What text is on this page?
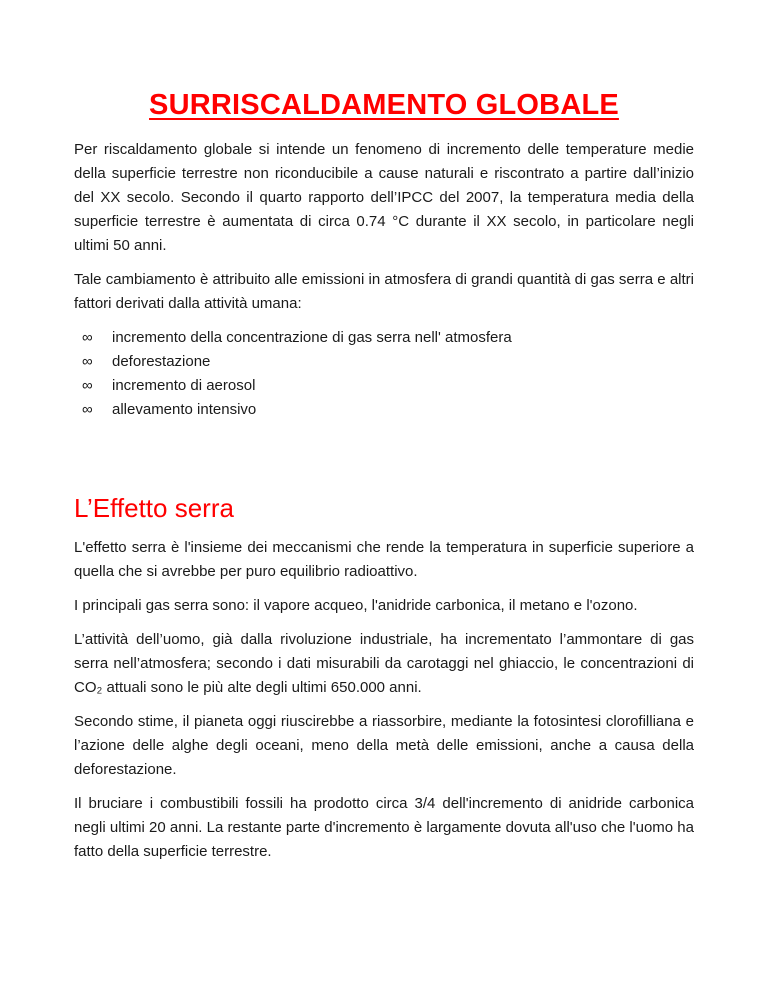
SURRISCALDAMENTO GLOBALE

Per riscaldamento globale si intende un fenomeno di incremento delle temperature medie della superficie terrestre non riconducibile a cause naturali e riscontrato a partire dall’inizio del XX secolo. Secondo il quarto rapporto dell’IPCC del 2007, la temperatura media della superficie terrestre è aumentata di circa 0.74 °C durante il XX secolo, in particolare negli ultimi 50 anni.

Tale cambiamento è attribuito alle emissioni in atmosfera di grandi quantità di gas serra e altri fattori derivati dalla attività umana:

∞	incremento della concentrazione di gas serra nell' atmosfera
∞	deforestazione
∞	incremento di aerosol
∞	allevamento intensivo
L’Effetto serra

L'effetto serra è l'insieme dei meccanismi che rende la temperatura in superficie superiore a quella che si avrebbe per puro equilibrio radioattivo.

I principali gas serra sono: il vapore acqueo, l'anidride carbonica, il metano e l'ozono.

L’attività dell’uomo, già dalla rivoluzione industriale, ha incrementato l’ammontare di gas serra nell’atmosfera; secondo i dati misurabili da carotaggi nel ghiaccio, le concentrazioni di CO₂ attuali sono le più alte degli ultimi 650.000 anni.

Secondo stime, il pianeta oggi riuscirebbe a riassorbire, mediante la fotosintesi clorofilliana e l’azione delle alghe degli oceani, meno della metà delle emissioni, anche a causa della deforestazione.

Il bruciare i combustibili fossili ha prodotto circa 3/4 dell'incremento di anidride carbonica negli ultimi 20 anni. La restante parte d'incremento è largamente dovuta all'uso che l'uomo ha fatto della superficie terrestre.
